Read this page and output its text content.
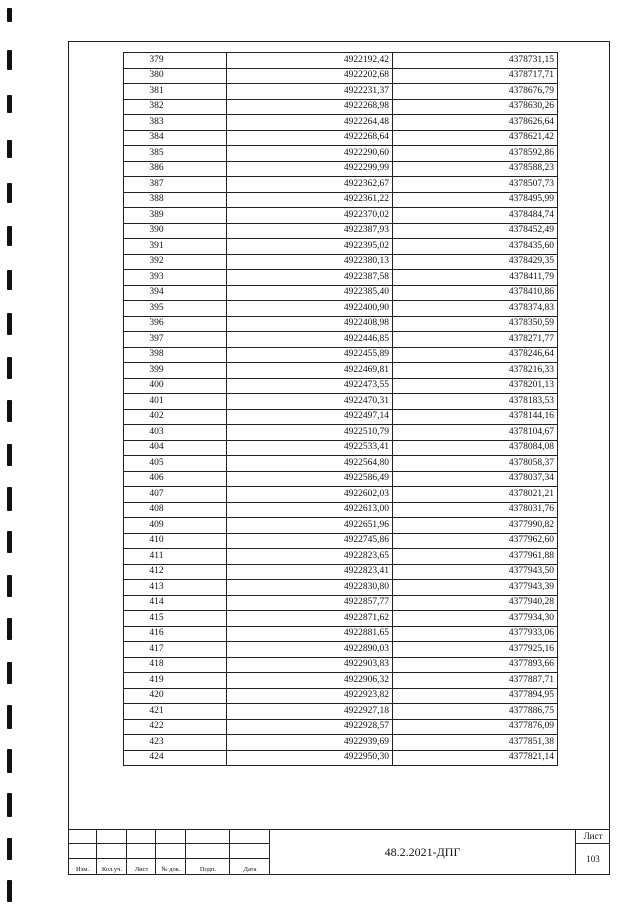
379	4922192,42	4378731,15
380	4922202,68	4378717,71
381	4922231,37	4378676,79
382	4922268,98	4378630,26
383	4922264,48	4378626,64
384	4922268,64	4378621,42
385	4922290,60	4378592,86
386	4922299,99	4378588,23
387	4922362,67	4378507,73
388	4922361,22	4378495,99
389	4922370,02	4378484,74
390	4922387,93	4378452,49
391	4922395,02	4378435,60
392	4922380,13	4378429,35
393	4922387,58	4378411,79
394	4922385,40	4378410,86
395	4922400,90	4378374,83
396	4922408,98	4378350,59
397	4922446,85	4378271,77
398	4922455,89	4378246,64
399	4922469,81	4378216,33
400	4922473,55	4378201,13
401	4922470,31	4378183,53
402	4922497,14	4378144,16
403	4922510,79	4378104,67
404	4922533,41	4378084,08
405	4922564,80	4378058,37
406	4922586,49	4378037,34
407	4922602,03	4378021,21
408	4922613,00	4378031,76
409	4922651,96	4377990,82
410	4922745,86	4377962,60
411	4922823,65	4377961,88
412	4922823,41	4377943,50
413	4922830,80	4377943,39
414	4922857,77	4377940,28
415	4922871,62	4377934,30
416	4922881,65	4377933,06
417	4922890,03	4377925,16
418	4922903,83	4377893,66
419	4922906,32	4377887,71
420	4922923,82	4377894,95
421	4922927,18	4377886,75
422	4922928,57	4377876,09
423	4922939,69	4377851,38
424	4922950,30	4377821,14
Изм.	Кол.уч.	Лист	№ док.	Подп.	Дата
48.2.2021-ДПГ
Лист
103
